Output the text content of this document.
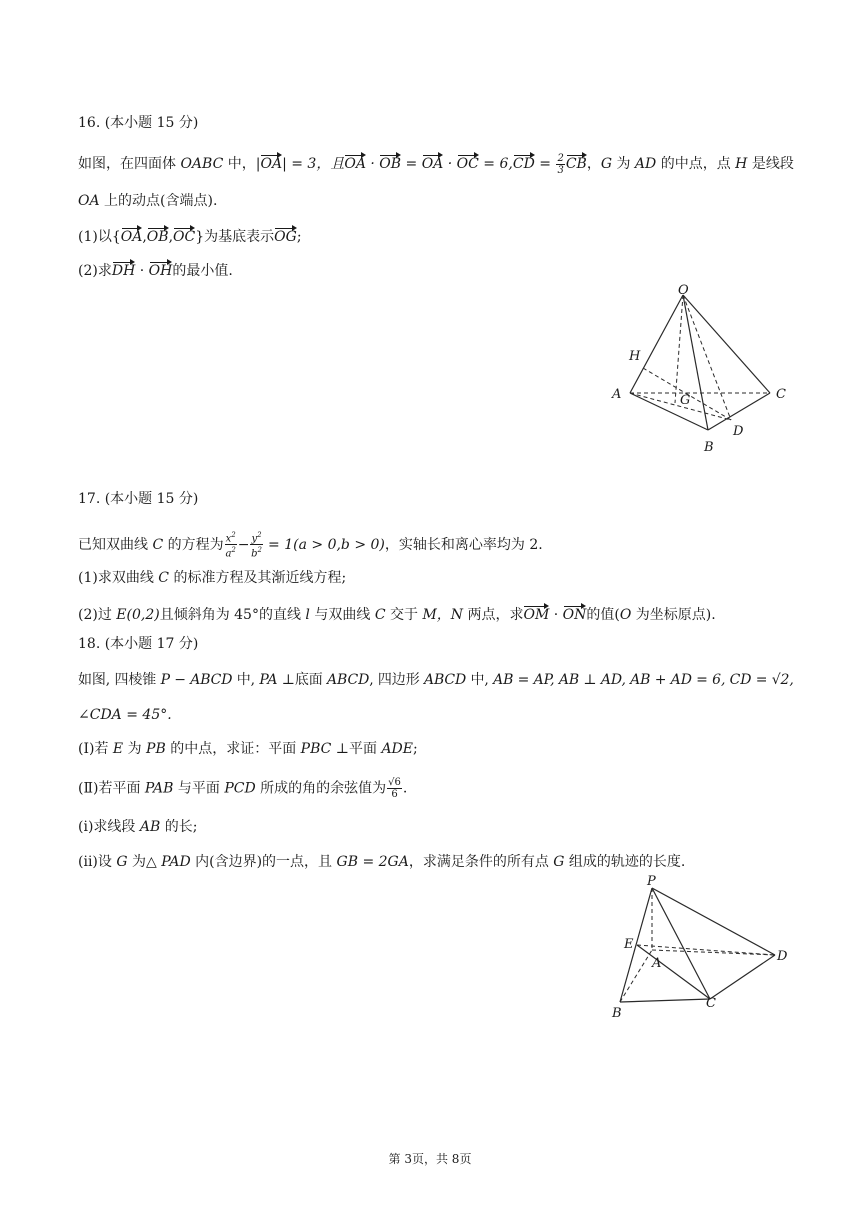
16. (本小题 15 分)
如图，在四面体 OABC 中，|OA| = 3，且OA · OB = OA · OC = $6,CD = \frac{2}{3}$ CB，G 为 AD 的中点，点 H 是线段
OA 上的动点(含端点).
(1)以{OA,OB,OC}为基底表示OG;
(2)求DH · OH的最小值.
O
H
A	G	C
D
B
17. (本小题 15 分)
已知双曲线 C 的方程为 $\frac{x^2}{a^2} - \frac{y^2}{b^2} = 1(a > 0,b > 0)$，实轴长和离心率均为 2.
(1)求双曲线 C 的标准方程及其渐近线方程;
(2)过 E(0,2)且倾斜角为 45°的直线 l 与双曲线 C 交于 M，N 两点，求OM · ON的值(O 为坐标原点).
18. (本小题 17 分)
如图, 四棱锥 P − ABCD 中, PA ⊥底面 ABCD, 四边形 ABCD 中, AB = AP, AB ⊥ AD, AB + AD = 6, CD = √2,
∠CDA = 45°.
(Ⅰ)若 E 为 PB 的中点，求证：平面 PBC ⊥平面 ADE;
(Ⅱ)若平面 PAB 与平面 PCD 所成的角的余弦值为 $\frac{√6}{6}$ .
(ⅰ)求线段 AB 的长;
(ⅱ)设 G 为△ PAD 内(含边界)的一点，且 GB = 2GA，求满足条件的所有点 G 组成的轨迹的长度.
P
E
A	D
B
C
第 3页，共 8页
